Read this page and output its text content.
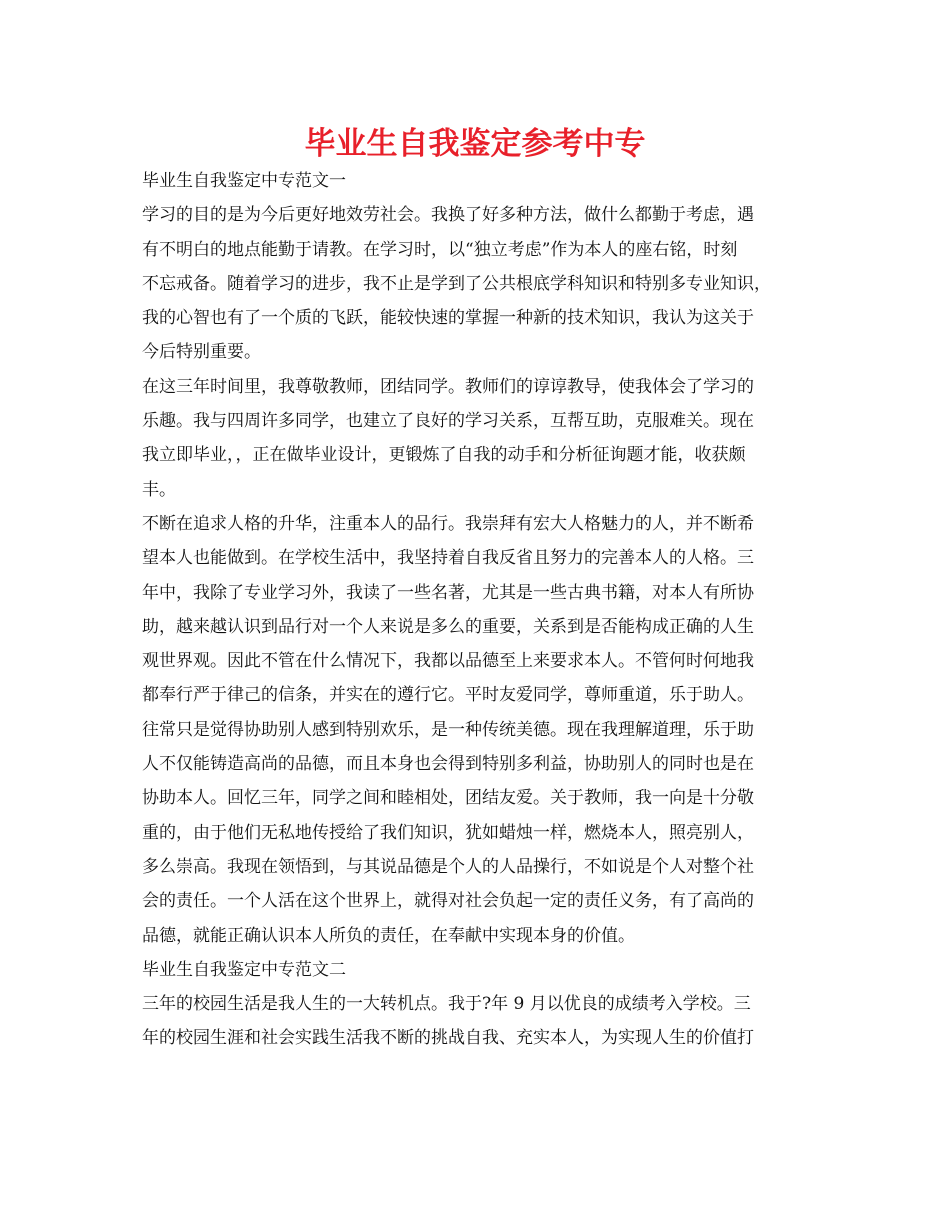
毕业生自我鉴定参考中专
毕业生自我鉴定中专范文一
学习的目的是为今后更好地效劳社会。我换了好多种方法，做什么都勤于考虑，遇
有不明白的地点能勤于请教。在学习时，以“独立考虑”作为本人的座右铭，时刻
不忘戒备。随着学习的进步，我不止是学到了公共根底学科知识和特别多专业知识，
我的心智也有了一个质的飞跃，能较快速的掌握一种新的技术知识，我认为这关于
今后特别重要。
在这三年时间里，我尊敬教师，团结同学。教师们的谆谆教导，使我体会了学习的
乐趣。我与四周许多同学，也建立了良好的学习关系，互帮互助，克服难关。现在
我立即毕业，，正在做毕业设计，更锻炼了自我的动手和分析征询题才能，收获颇
丰。
不断在追求人格的升华，注重本人的品行。我崇拜有宏大人格魅力的人，并不断希
望本人也能做到。在学校生活中，我坚持着自我反省且努力的完善本人的人格。三
年中，我除了专业学习外，我读了一些名著，尤其是一些古典书籍，对本人有所协
助，越来越认识到品行对一个人来说是多么的重要，关系到是否能构成正确的人生
观世界观。因此不管在什么情况下，我都以品德至上来要求本人。不管何时何地我
都奉行严于律己的信条，并实在的遵行它。平时友爱同学，尊师重道，乐于助人。
往常只是觉得协助别人感到特别欢乐，是一种传统美德。现在我理解道理，乐于助
人不仅能铸造高尚的品德，而且本身也会得到特别多利益，协助别人的同时也是在
协助本人。回忆三年，同学之间和睦相处，团结友爱。关于教师，我一向是十分敬
重的，由于他们无私地传授给了我们知识，犹如蜡烛一样，燃烧本人，照亮别人，
多么崇高。我现在领悟到，与其说品德是个人的人品操行，不如说是个人对整个社
会的责任。一个人活在这个世界上，就得对社会负起一定的责任义务，有了高尚的
品德，就能正确认识本人所负的责任，在奉献中实现本身的价值。
毕业生自我鉴定中专范文二
三年的校园生活是我人生的一大转机点。我于?年 9 月以优良的成绩考入学校。三
年的校园生涯和社会实践生活我不断的挑战自我、充实本人，为实现人生的价值打
